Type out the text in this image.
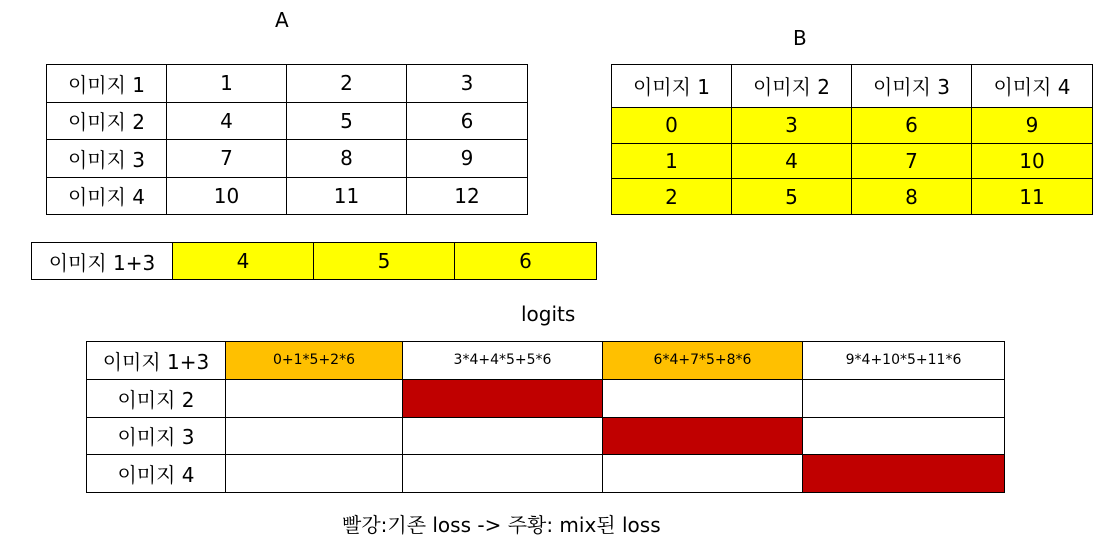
A
B
이미지 1	1	2	3
이미지 2	4	5	6
이미지 3	7	8	9
이미지 4	10	11	12
이미지 1	이미지 2	이미지 3	이미지 4
0	3	6	9
1	4	7	10
2	5	8	11
이미지 1+3	4	5	6
logits
이미지 1+3	0+1*5+2*6	3*4+4*5+5*6	6*4+7*5+8*6	9*4+10*5+11*6
이미지 2				
이미지 3				
이미지 4				
빨강:기존 loss -> 주황: mix된 loss
